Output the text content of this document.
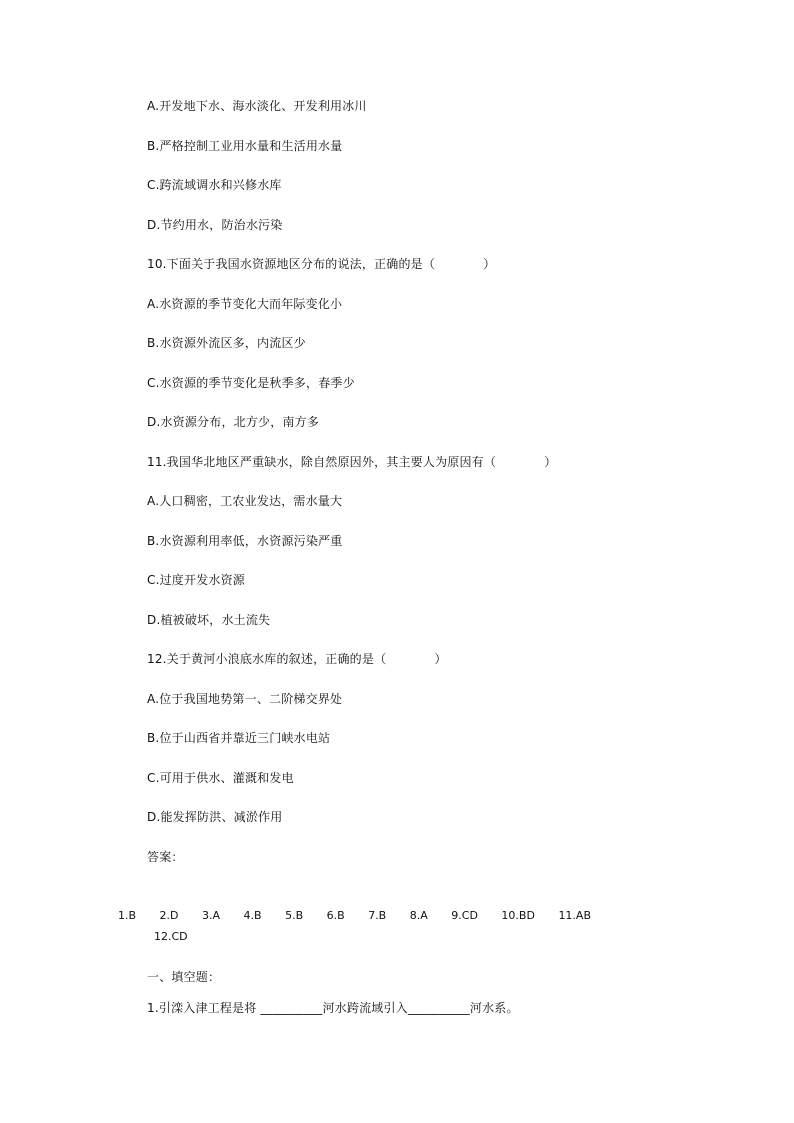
A.开发地下水、海水淡化、开发利用冰川
B.严格控制工业用水量和生活用水量
C.跨流域调水和兴修水库
D.节约用水，防治水污染
10.下面关于我国水资源地区分布的说法，正确的是（            ）
A.水资源的季节变化大而年际变化小
B.水资源外流区多，内流区少
C.水资源的季节变化是秋季多，春季少
D.水资源分布，北方少，南方多
11.我国华北地区严重缺水，除自然原因外，其主要人为原因有（            ）
A.人口稠密，工农业发达，需水量大
B.水资源利用率低，水资源污染严重
C.过度开发水资源
D.植被破坏，水土流失
12.关于黄河小浪底水库的叙述，正确的是（            ）
A.位于我国地势第一、二阶梯交界处
B.位于山西省并靠近三门峡水电站
C.可用于供水、灌溉和发电
D.能发挥防洪、减淤作用
答案：
1.B 2.D 3.A 4.B 5.B 6.B 7.B 8.A 9.CD 10.BD 11.AB
12.CD
一、填空题：
1.引滦入津工程是将 __________河水跨流域引入__________河水系。
